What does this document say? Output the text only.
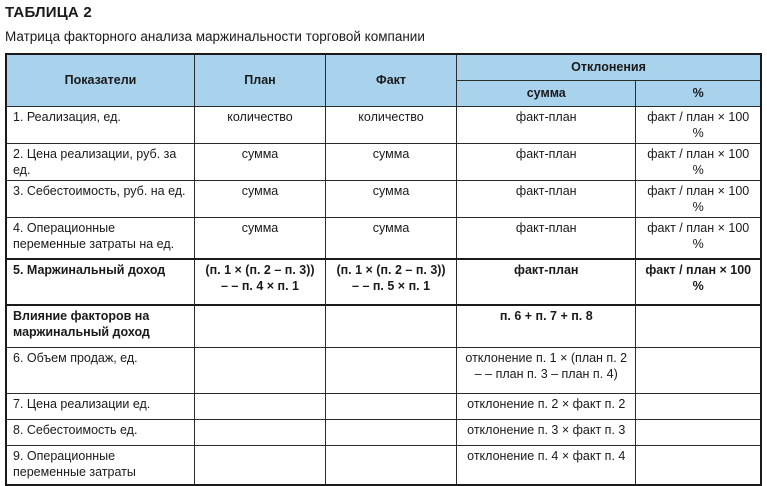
ТАБЛИЦА 2
Матрица факторного анализа маржинальности торговой компании
Показатели	План	Факт	Отклонения	
			сумма	%
1. Реализация, ед.	количество	количество	факт-план	факт / план × 100 %
2. Цена реализации, руб. за ед.	сумма	сумма	факт-план	факт / план × 100 %
3. Себестоимость, руб. на ед.	сумма	сумма	факт-план	факт / план × 100 %
4. Операционные переменные затраты на ед.	сумма	сумма	факт-план	факт / план × 100 %
5. Маржинальный доход	(п. 1 × (п. 2 – п. 3)) – – п. 4 × п. 1	(п. 1 × (п. 2 – п. 3)) – – п. 5 × п. 1	факт-план	факт / план × 100 %
Влияние факторов на маржинальный доход			п. 6 + п. 7 + п. 8	
6. Объем продаж, ед.			отклонение п. 1 × (план п. 2 – – план п. 3 – план п. 4)	
7. Цена реализации ед.			отклонение п. 2 × факт п. 2	
8. Себестоимость ед.			отклонение п. 3 × факт п. 3	
9. Операционные переменные затраты			отклонение п. 4 × факт п. 4	
